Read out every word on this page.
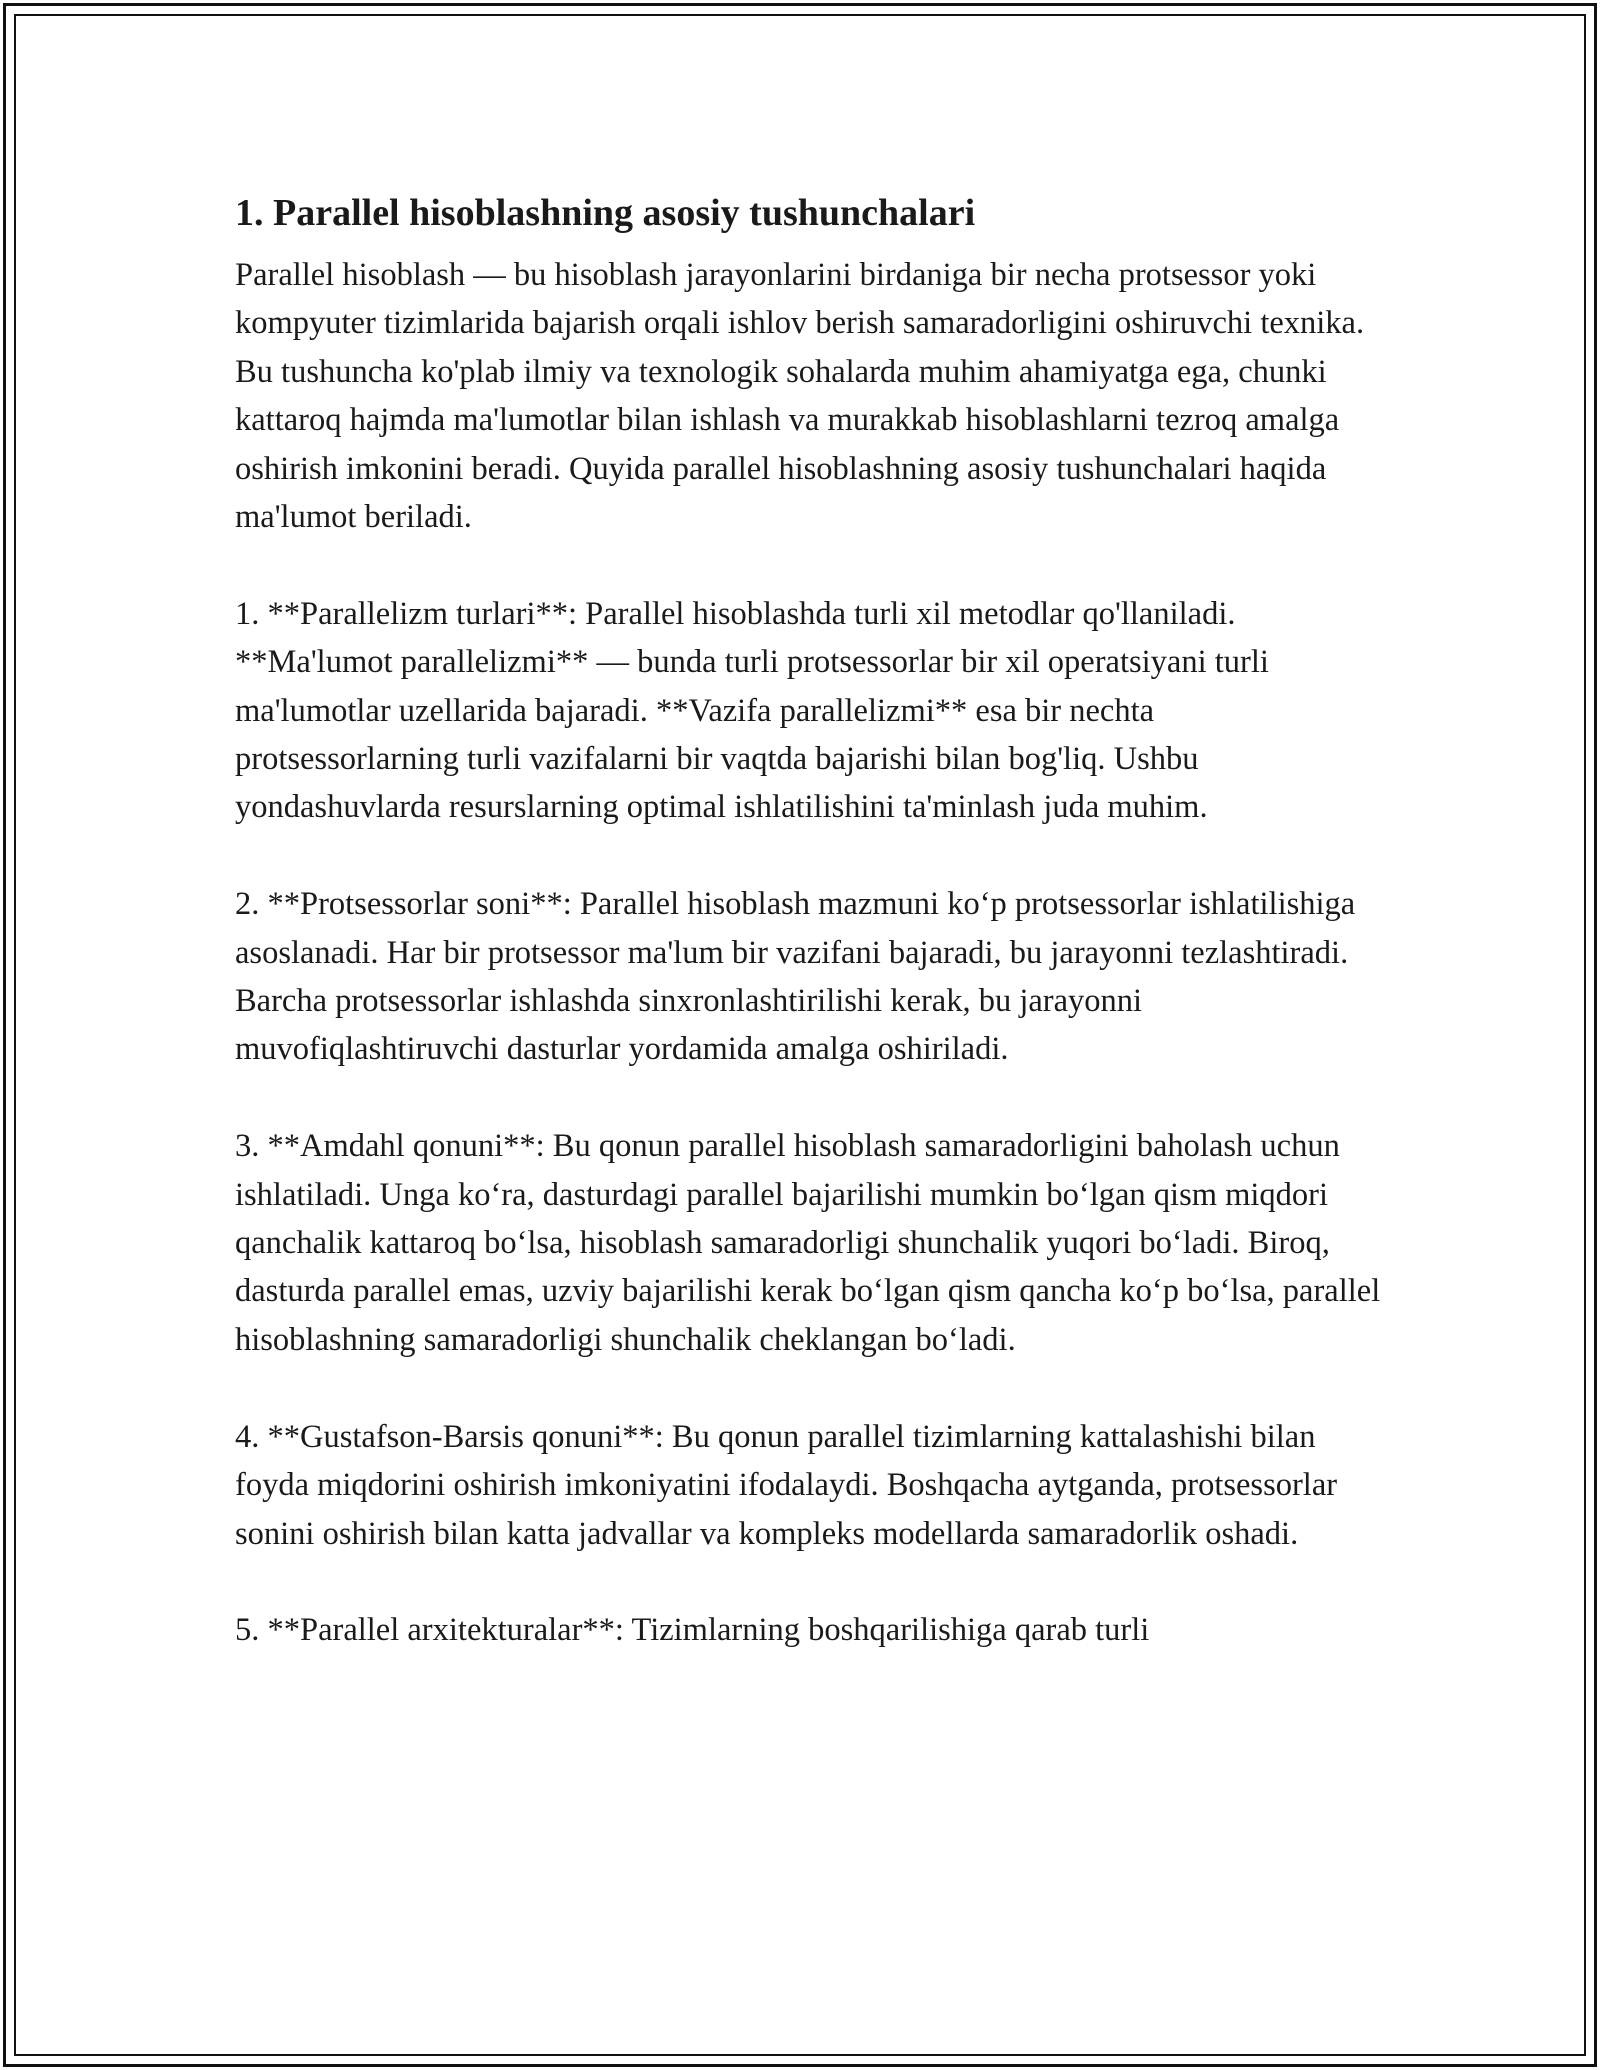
1. Parallel hisoblashning asosiy tushunchalari

Parallel hisoblash — bu hisoblash jarayonlarini birdaniga bir necha protsessor yoki kompyuter tizimlarida bajarish orqali ishlov berish samaradorligini oshiruvchi texnika. Bu tushuncha ko'plab ilmiy va texnologik sohalarda muhim ahamiyatga ega, chunki kattaroq hajmda ma'lumotlar bilan ishlash va murakkab hisoblashlarni tezroq amalga oshirish imkonini beradi. Quyida parallel hisoblashning asosiy tushunchalari haqida ma'lumot beriladi.

1. **Parallelizm turlari**: Parallel hisoblashda turli xil metodlar qo'llaniladi. **Ma'lumot parallelizmi** — bunda turli protsessorlar bir xil operatsiyani turli ma'lumotlar uzellarida bajaradi. **Vazifa parallelizmi** esa bir nechta protsessorlarning turli vazifalarni bir vaqtda bajarishi bilan bog'liq. Ushbu yondashuvlarda resurslarning optimal ishlatilishini ta'minlash juda muhim.

2. **Protsessorlar soni**: Parallel hisoblash mazmuni koʻp protsessorlar ishlatilishiga asoslanadi. Har bir protsessor ma'lum bir vazifani bajaradi, bu jarayonni tezlashtiradi. Barcha protsessorlar ishlashda sinxronlashtirilishi kerak, bu jarayonni muvofiqlashtiruvchi dasturlar yordamida amalga oshiriladi.

3. **Amdahl qonuni**: Bu qonun parallel hisoblash samaradorligini baholash uchun ishlatiladi. Unga koʻra, dasturdagi parallel bajarilishi mumkin boʻlgan qism miqdori qanchalik kattaroq boʻlsa, hisoblash samaradorligi shunchalik yuqori boʻladi. Biroq, dasturda parallel emas, uzviy bajarilishi kerak boʻlgan qism qancha koʻp boʻlsa, parallel hisoblashning samaradorligi shunchalik cheklangan boʻladi.

4. **Gustafson-Barsis qonuni**: Bu qonun parallel tizimlarning kattalashishi bilan foyda miqdorini oshirish imkoniyatini ifodalaydi. Boshqacha aytganda, protsessorlar sonini oshirish bilan katta jadvallar va kompleks modellarda samaradorlik oshadi.

5. **Parallel arxitekturalar**: Tizimlarning boshqarilishiga qarab turli
